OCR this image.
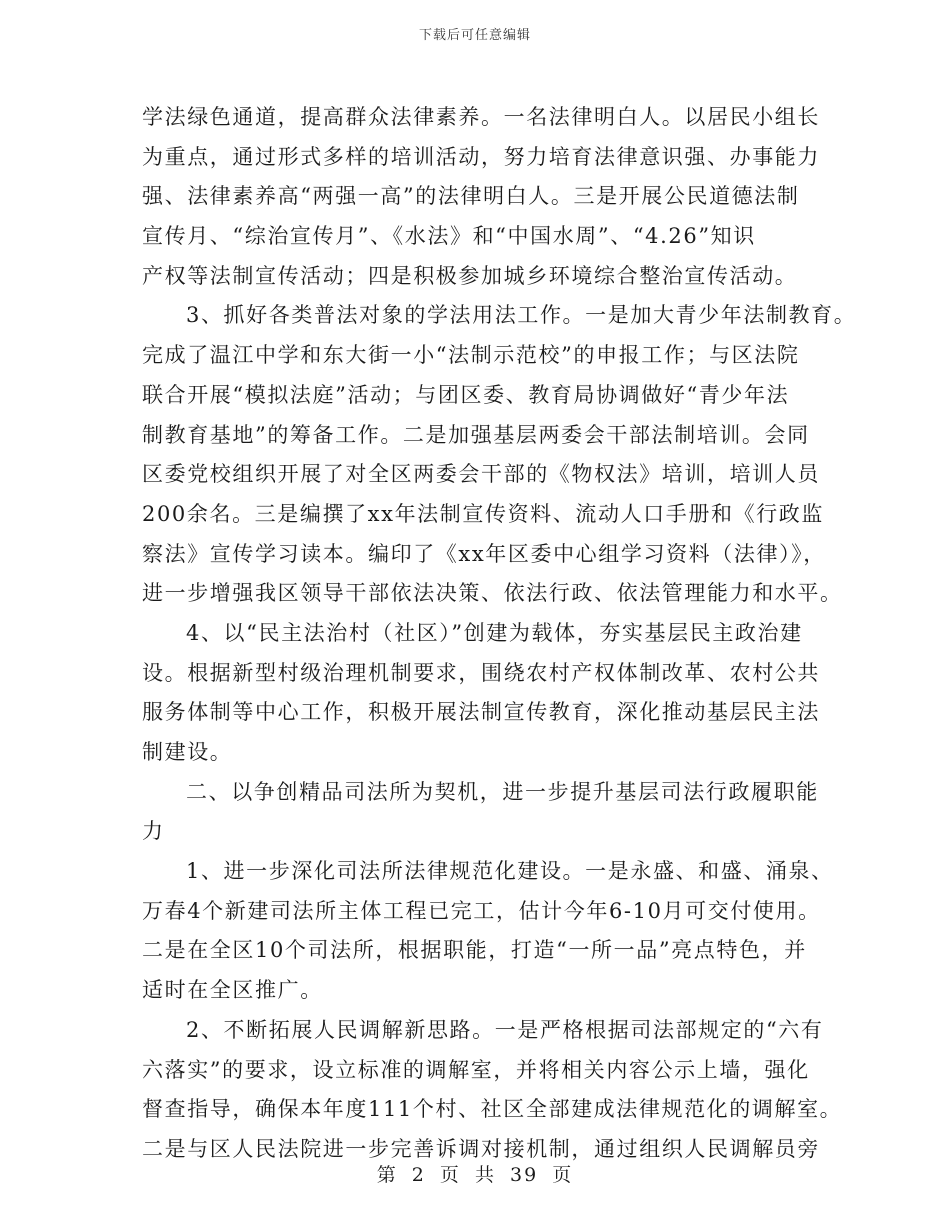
下载后可任意编辑
学法绿色通道，提高群众法律素养。一名法律明白人。以居民小组长
为重点，通过形式多样的培训活动，努力培育法律意识强、办事能力
强、法律素养高“两强一高”的法律明白人。三是开展公民道德法制
宣传月、“综治宣传月”、《水法》和“中国水周”、“4.26”知识
产权等法制宣传活动；四是积极参加城乡环境综合整治宣传活动。
3、抓好各类普法对象的学法用法工作。一是加大青少年法制教育。
完成了温江中学和东大街一小“法制示范校”的申报工作；与区法院
联合开展“模拟法庭”活动；与团区委、教育局协调做好“青少年法
制教育基地”的筹备工作。二是加强基层两委会干部法制培训。会同
区委党校组织开展了对全区两委会干部的《物权法》培训，培训人员
200余名。三是编撰了xx年法制宣传资料、流动人口手册和《行政监
察法》宣传学习读本。编印了《xx年区委中心组学习资料（法律）》，
进一步增强我区领导干部依法决策、依法行政、依法管理能力和水平。
4、以“民主法治村（社区）”创建为载体，夯实基层民主政治建
设。根据新型村级治理机制要求，围绕农村产权体制改革、农村公共
服务体制等中心工作，积极开展法制宣传教育，深化推动基层民主法
制建设。
二、以争创精品司法所为契机，进一步提升基层司法行政履职能
力
1、进一步深化司法所法律规范化建设。一是永盛、和盛、涌泉、
万春4个新建司法所主体工程已完工，估计今年6-10月可交付使用。
二是在全区10个司法所，根据职能，打造“一所一品”亮点特色，并
适时在全区推广。
2、不断拓展人民调解新思路。一是严格根据司法部规定的“六有
六落实”的要求，设立标准的调解室，并将相关内容公示上墙，强化
督查指导，确保本年度111个村、社区全部建成法律规范化的调解室。
二是与区人民法院进一步完善诉调对接机制，通过组织人民调解员旁
第 2 页 共 39 页
